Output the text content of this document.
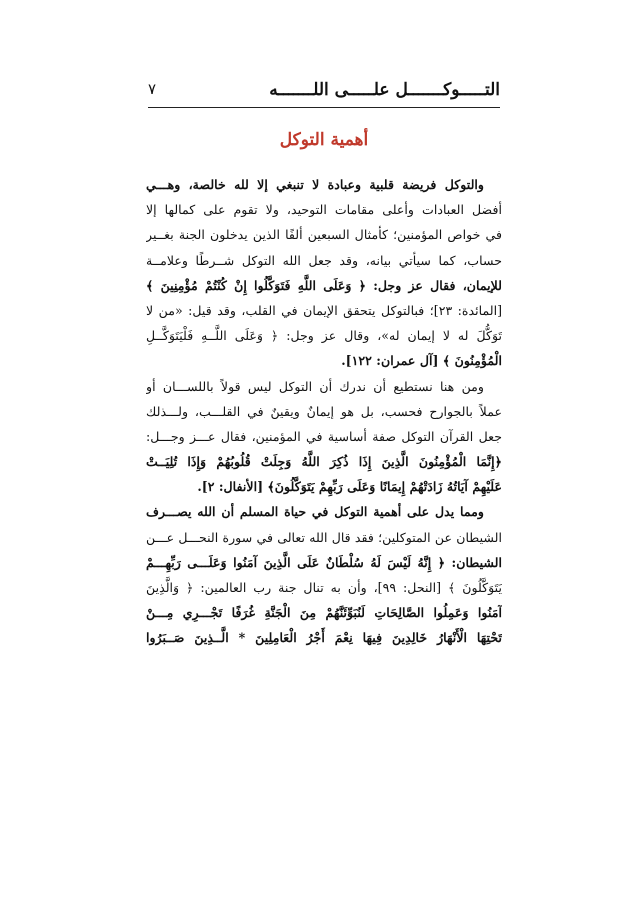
التـــــوكـــــــل علـــــى اللـــــــه
٧
أهمية التوكل
والتوكل فريضة قلبية وعبادة لا تنبغي إلا لله خالصة، وهـــي
أفضل العبادات وأعلى مقامات التوحيد، ولا تقوم على كمالها إلا
في خواص المؤمنين؛ كأمثال السبعين ألفًا الذين يدخلون الجنة بغــير
حساب، كما سيأتي بيانه، وقد جعل الله التوكل شــرطًا وعلامــة
للإيمان، فقال عز وجل: ﴿ وَعَلَى اللَّهِ فَتَوَكَّلُوا إِنْ كُنْتُمْ مُؤْمِنِينَ ﴾
[المائدة: ٢٣]؛ فبالتوكل يتحقق الإيمان في القلب، وقد قيل: «من لا
تَوَكُّلَ له لا إيمان له»، وقال عز وجل: ﴿ وَعَلَى اللَّــهِ فَلْيَتَوَكَّــلِ
الْمُؤْمِنُونَ ﴾ [آل عمران: ١٢٢].
ومن هنا نستطيع أن ندرك أن التوكل ليس قولاً باللســـان أو
عملاً بالجوارح فحسب، بل هو إيمانٌ ويقينٌ في القلـــب، ولـــذلك
جعل القرآن التوكل صفة أساسية في المؤمنين، فقال عـــز وجـــل:
﴿إِنَّمَا الْمُؤْمِنُونَ الَّذِينَ إِذَا ذُكِرَ اللَّهُ وَجِلَتْ قُلُوبُهُمْ وَإِذَا تُلِيَــتْ
عَلَيْهِمْ آيَاتُهُ زَادَتْهُمْ إِيمَانًا وَعَلَى رَبِّهِمْ يَتَوَكَّلُونَ﴾ [الأنفال: ٢].
ومما يدل على أهمية التوكل في حياة المسلم أن الله يصـــرف
الشيطان عن المتوكلين؛ فقد قال الله تعالى في سورة النحـــل عـــن
الشيطان: ﴿ إِنَّهُ لَيْسَ لَهُ سُلْطَانٌ عَلَى الَّذِينَ آمَنُوا وَعَلَـــى رَبِّهِـــمْ
يَتَوَكَّلُونَ ﴾ [النحل: ٩٩]، وأن به تنال جنة رب العالمين: ﴿ وَالَّذِينَ
آمَنُوا وَعَمِلُوا الصَّالِحَاتِ لَنُبَوِّئَنَّهُمْ مِنَ الْجَنَّةِ غُرَفًا تَجْـــرِي مِـــنْ
تَحْتِهَا الْأَنْهَارُ خَالِدِينَ فِيهَا نِعْمَ أَجْرُ الْعَامِلِينَ * الَّــذِينَ صَــبَرُوا
